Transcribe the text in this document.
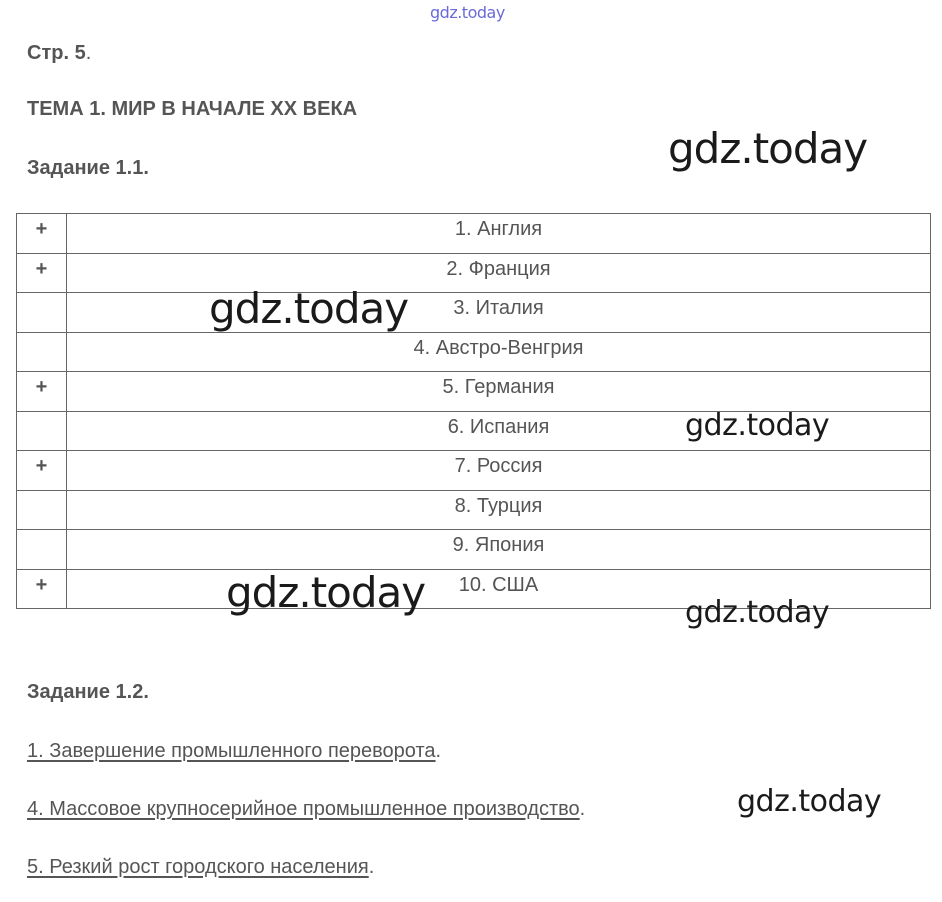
gdz.today
Стр. 5.
ТЕМА 1. МИР В НАЧАЛЕ XX ВЕКА
Задание 1.1.
+	1. Англия
+	2. Франция
	3. Италия
	4. Австро-Венгрия
+	5. Германия
	6. Испания
+	7. Россия
	8. Турция
	9. Япония
+	10. США
Задание 1.2.
1. Завершение промышленного переворота.
4. Массовое крупносерийное промышленное производство.
5. Резкий рост городского населения.
gdz.today
gdz.today
gdz.today
gdz.today	gdz.today
gdz.today
